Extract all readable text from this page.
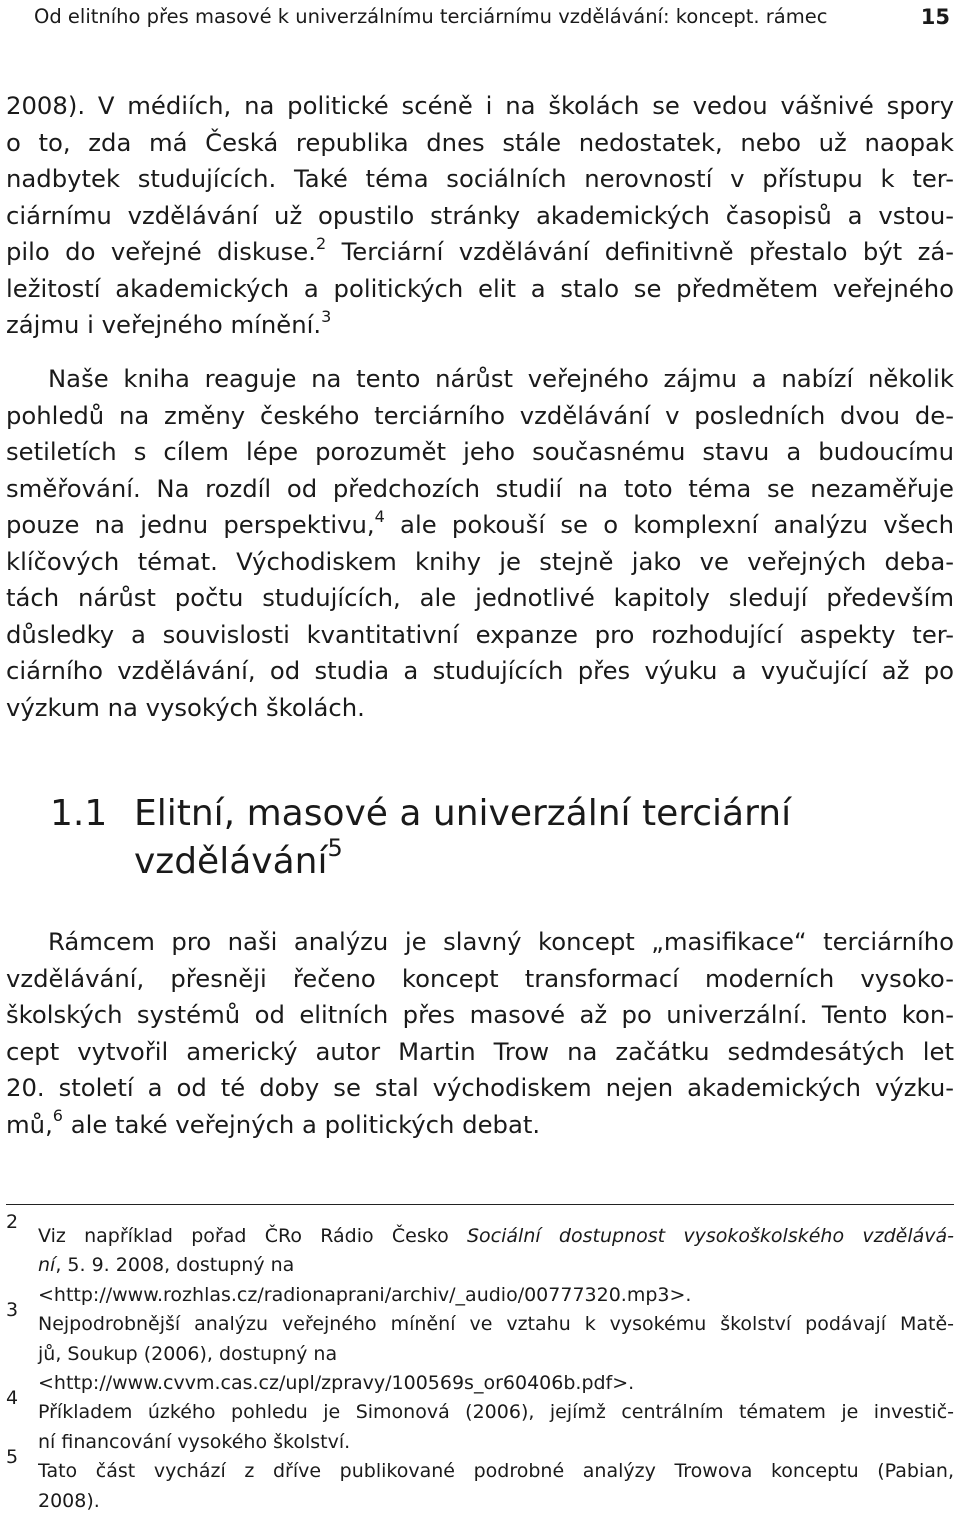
Od elitního přes masové k univerzálnímu terciárnímu vzdělávání: koncept. rámec	15
2008). V médiích, na politické scéně i na školách se vedou vášnivé spory
o to, zda má Česká republika dnes stále nedostatek, nebo už naopak
nadbytek studujících. Také téma sociálních nerovností v přístupu k ter-
ciárnímu vzdělávání už opustilo stránky akademických časopisů a vstou-
pilo do veřejné diskuse.$^2$ Terciární vzdělávání definitivně přestalo být zá-
ležitostí akademických a politických elit a stalo se předmětem veřejného
zájmu i veřejného mínění.$^3$
Naše kniha reaguje na tento nárůst veřejného zájmu a nabízí několik
pohledů na změny českého terciárního vzdělávání v posledních dvou de-
setiletích s cílem lépe porozumět jeho současnému stavu a budoucímu
směřování. Na rozdíl od předchozích studií na toto téma se nezaměřuje
pouze na jednu perspektivu,$^4$ ale pokouší se o komplexní analýzu všech
klíčových témat. Východiskem knihy je stejně jako ve veřejných deba-
tách nárůst počtu studujících, ale jednotlivé kapitoly sledují především
důsledky a souvislosti kvantitativní expanze pro rozhodující aspekty ter-
ciárního vzdělávání, od studia a studujících přes výuku a vyučující až po
výzkum na vysokých školách.
1.1 Elitní, masové a univerzální terciární
vzdělávání$^5$
Rámcem pro naši analýzu je slavný koncept „masifikace“ terciárního
vzdělávání, přesněji řečeno koncept transformací moderních vysoko-
školských systémů od elitních přes masové až po univerzální. Tento kon-
cept vytvořil americký autor Martin Trow na začátku sedmdesátých let
20. století a od té doby se stal východiskem nejen akademických výzku-
mů,$^6$ ale také veřejných a politických debat.
2
Viz například pořad ČRo Rádio Česko Sociální dostupnost vysokoškolského vzdělává-
ní, 5. 9. 2008, dostupný na
<http://www.rozhlas.cz/radionaprani/archiv/_audio/00777320.mp3>.
3
Nejpodrobnější analýzu veřejného mínění ve vztahu k vysokému školství podávají Matě-
jů, Soukup (2006), dostupný na
<http://www.cvvm.cas.cz/upl/zpravy/100569s_or60406b.pdf>.
4
Příkladem úzkého pohledu je Simonová (2006), jejímž centrálním tématem je investič-
ní financování vysokého školství.
5
Tato část vychází z dříve publikované podrobné analýzy Trowova konceptu (Pabian,
2008).
